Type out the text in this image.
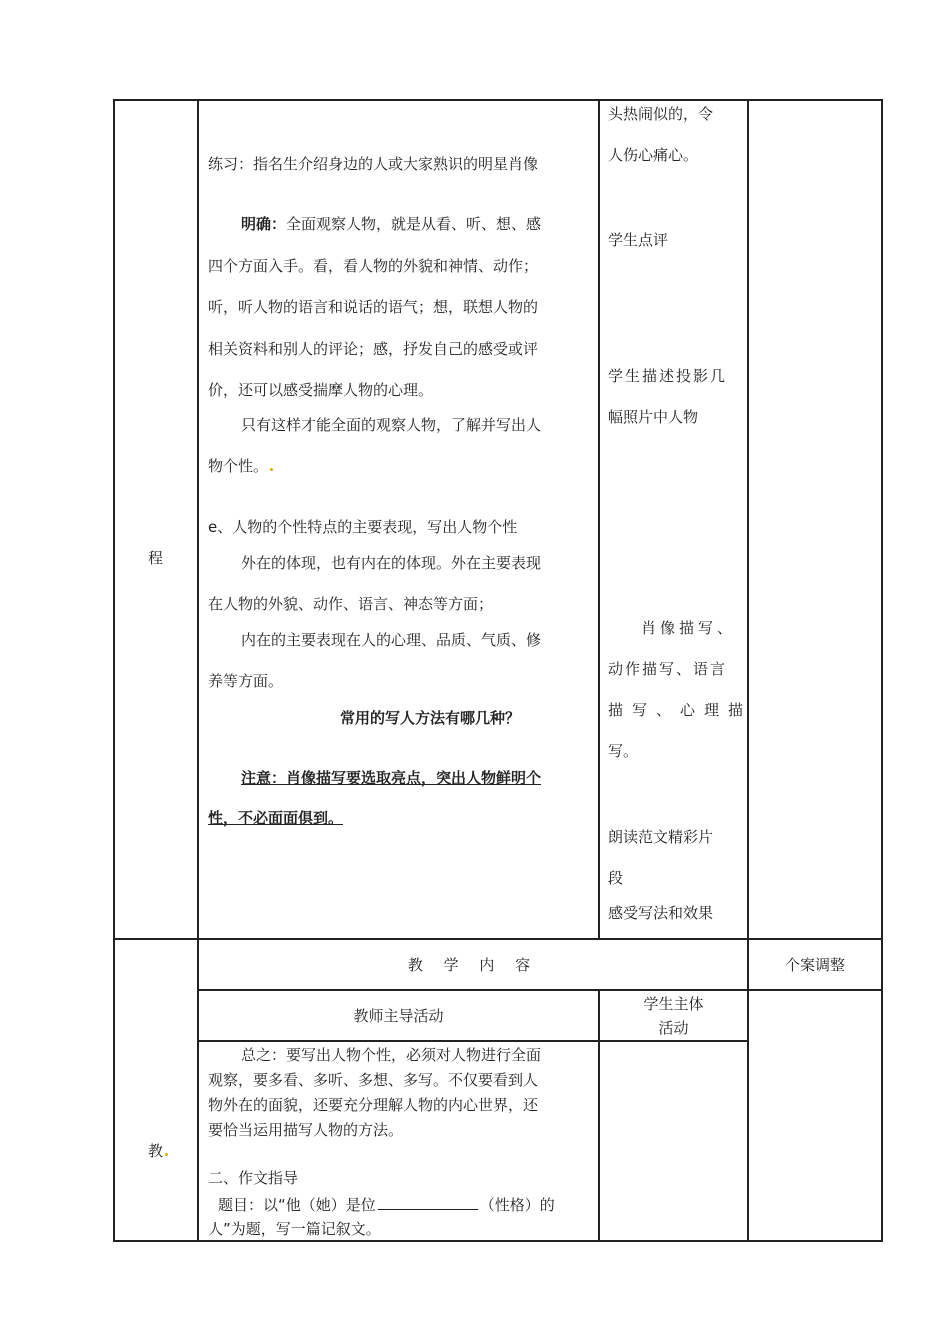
程
练习：指名生介绍身边的人或大家熟识的明星肖像
明确：全面观察人物，就是从看、听、想、感
四个方面入手。看，看人物的外貌和神情、动作；
听，听人物的语言和说话的语气；想，联想人物的
相关资料和别人的评论；感，抒发自己的感受或评
价，还可以感受揣摩人物的心理。
只有这样才能全面的观察人物，了解并写出人
物个性。
e、人物的个性特点的主要表现，写出人物个性
外在的体现，也有内在的体现。外在主要表现
在人物的外貌、动作、语言、神态等方面；
内在的主要表现在人的心理、品质、气质、修
养等方面。
常用的写人方法有哪几种？
注意：肖像描写要选取亮点，突出人物鲜明个
性，不必面面俱到。
头热闹似的，令
人伤心痛心。
学生点评
学生描述投影几
幅照片中人物
肖像描写、
动作描写、语言
描写、心理描
写。
朗读范文精彩片
段
感受写法和效果
教
教 学 内 容	个案调整
教师主导活动
学生主体
活动
总之：要写出人物个性，必须对人物进行全面
观察，要多看、多听、多想、多写。不仅要看到人
物外在的面貌，还要充分理解人物的内心世界，还
要恰当运用描写人物的方法。
二、作文指导
题目：以“他（她）是位	（性格）的
人”为题，写一篇记叙文。
